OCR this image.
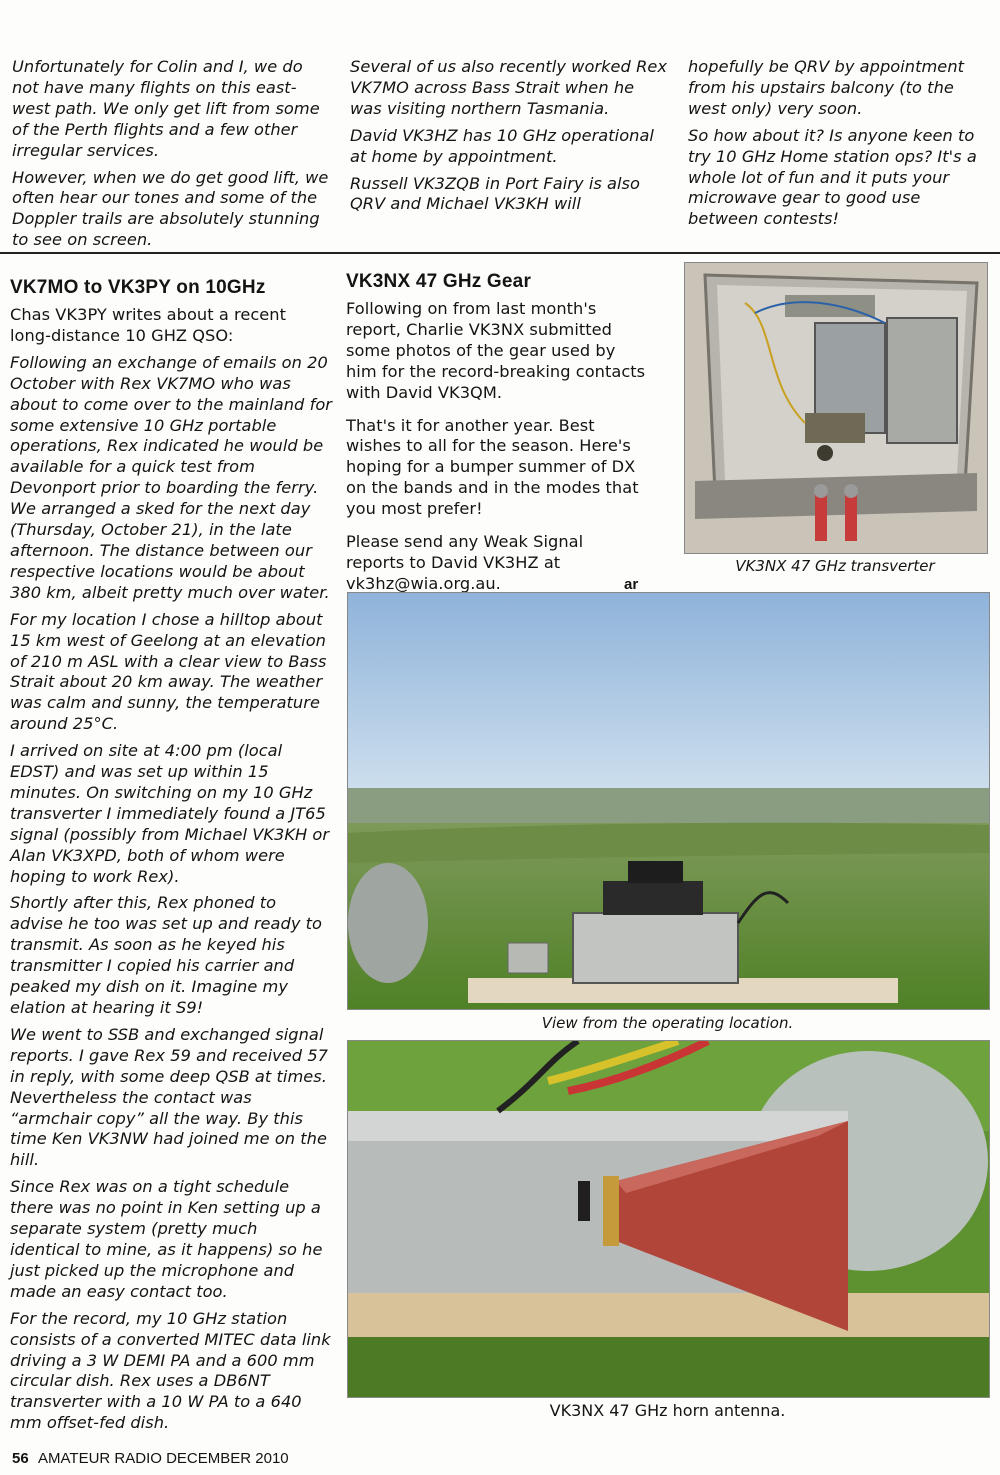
Unfortunately for Colin and I, we do not have many flights on this east-west path. We only get lift from some of the Perth flights and a few other irregular services.

However, when we do get good lift, we often hear our tones and some of the Doppler trails are absolutely stunning to see on screen.

Several of us also recently worked Rex VK7MO across Bass Strait when he was visiting northern Tasmania.

David VK3HZ has 10 GHz operational at home by appointment.

Russell VK3ZQB in Port Fairy is also QRV and Michael VK3KH will

hopefully be QRV by appointment from his upstairs balcony (to the west only) very soon.

So how about it? Is anyone keen to try 10 GHz Home station ops? It's a whole lot of fun and it puts your microwave gear to good use between contests!

VK7MO to VK3PY on 10GHz

Chas VK3PY writes about a recent long-distance 10 GHZ QSO:

Following an exchange of emails on 20 October with Rex VK7MO who was about to come over to the mainland for some extensive 10 GHz portable operations, Rex indicated he would be available for a quick test from Devonport prior to boarding the ferry. We arranged a sked for the next day (Thursday, October 21), in the late afternoon. The distance between our respective locations would be about 380 km, albeit pretty much over water.

For my location I chose a hilltop about 15 km west of Geelong at an elevation of 210 m ASL with a clear view to Bass Strait about 20 km away. The weather was calm and sunny, the temperature around 25°C.

I arrived on site at 4:00 pm (local EDST) and was set up within 15 minutes. On switching on my 10 GHz transverter I immediately found a JT65 signal (possibly from Michael VK3KH or Alan VK3XPD, both of whom were hoping to work Rex).

Shortly after this, Rex phoned to advise he too was set up and ready to transmit. As soon as he keyed his transmitter I copied his carrier and peaked my dish on it. Imagine my elation at hearing it S9!

We went to SSB and exchanged signal reports. I gave Rex 59 and received 57 in reply, with some deep QSB at times. Nevertheless the contact was “armchair copy” all the way. By this time Ken VK3NW had joined me on the hill.

Since Rex was on a tight schedule there was no point in Ken setting up a separate system (pretty much identical to mine, as it happens) so he just picked up the microphone and made an easy contact too.

For the record, my 10 GHz station consists of a converted MITEC data link driving a 3 W DEMI PA and a 600 mm circular dish. Rex uses a DB6NT transverter with a 10 W PA to a 640 mm offset-fed dish.

VK3NX 47 GHz Gear

Following on from last month's report, Charlie VK3NX submitted some photos of the gear used by him for the record-breaking contacts with David VK3QM.

That's it for another year. Best wishes to all for the season. Here's hoping for a bumper summer of DX on the bands and in the modes that you most prefer!

Please send any Weak Signal reports to David VK3HZ at vk3hz@wia.org.au.	ar
VK3NX 47 GHz transverter
View from the operating location.
VK3NX 47 GHz horn antenna.
56 AMATEUR RADIO DECEMBER 2010
